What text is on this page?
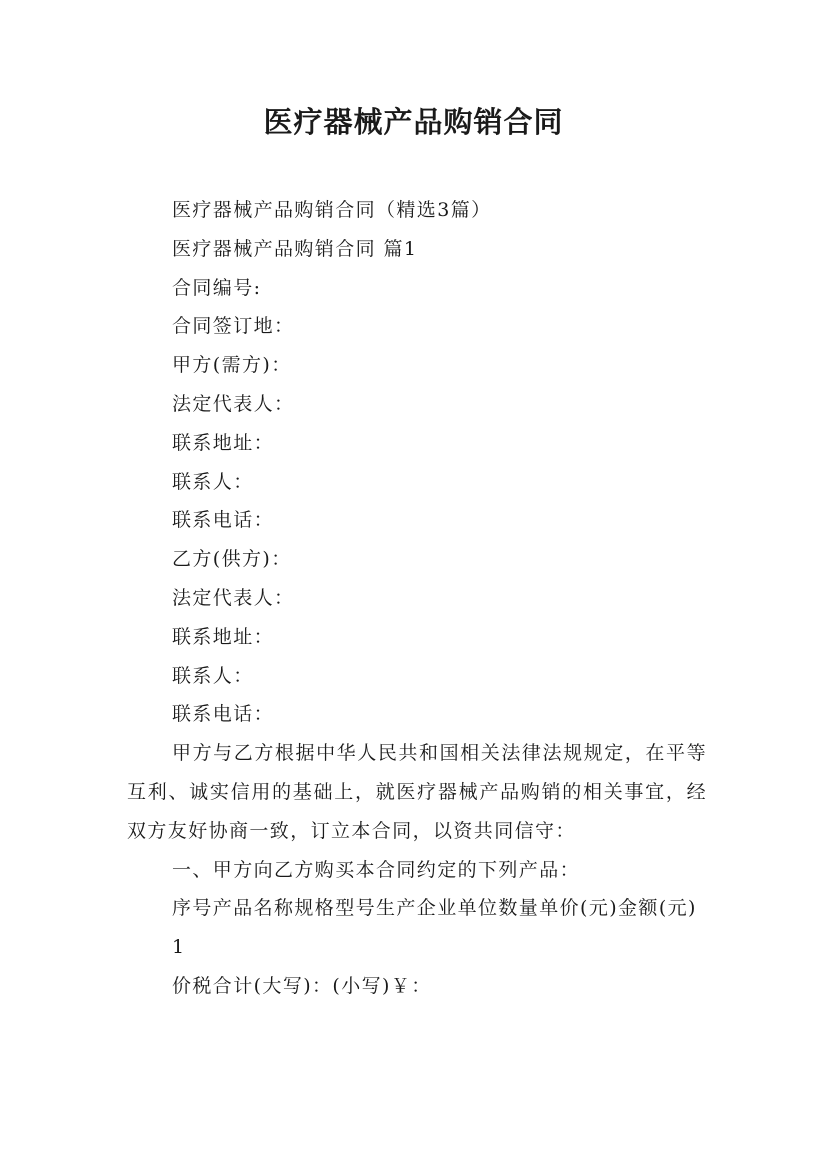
医疗器械产品购销合同

医疗器械产品购销合同（精选3篇）

医疗器械产品购销合同 篇1

合同编号:

合同签订地：

甲方(需方)：

法定代表人：

联系地址：

联系人：

联系电话：

乙方(供方)：

法定代表人：

联系地址：

联系人：

联系电话：

甲方与乙方根据中华人民共和国相关法律法规规定，在平等互利、诚实信用的基础上，就医疗器械产品购销的相关事宜，经双方友好协商一致，订立本合同，以资共同信守：

一、甲方向乙方购买本合同约定的下列产品：

序号产品名称规格型号生产企业单位数量单价(元)金额(元)

1

价税合计(大写)：(小写)￥：
